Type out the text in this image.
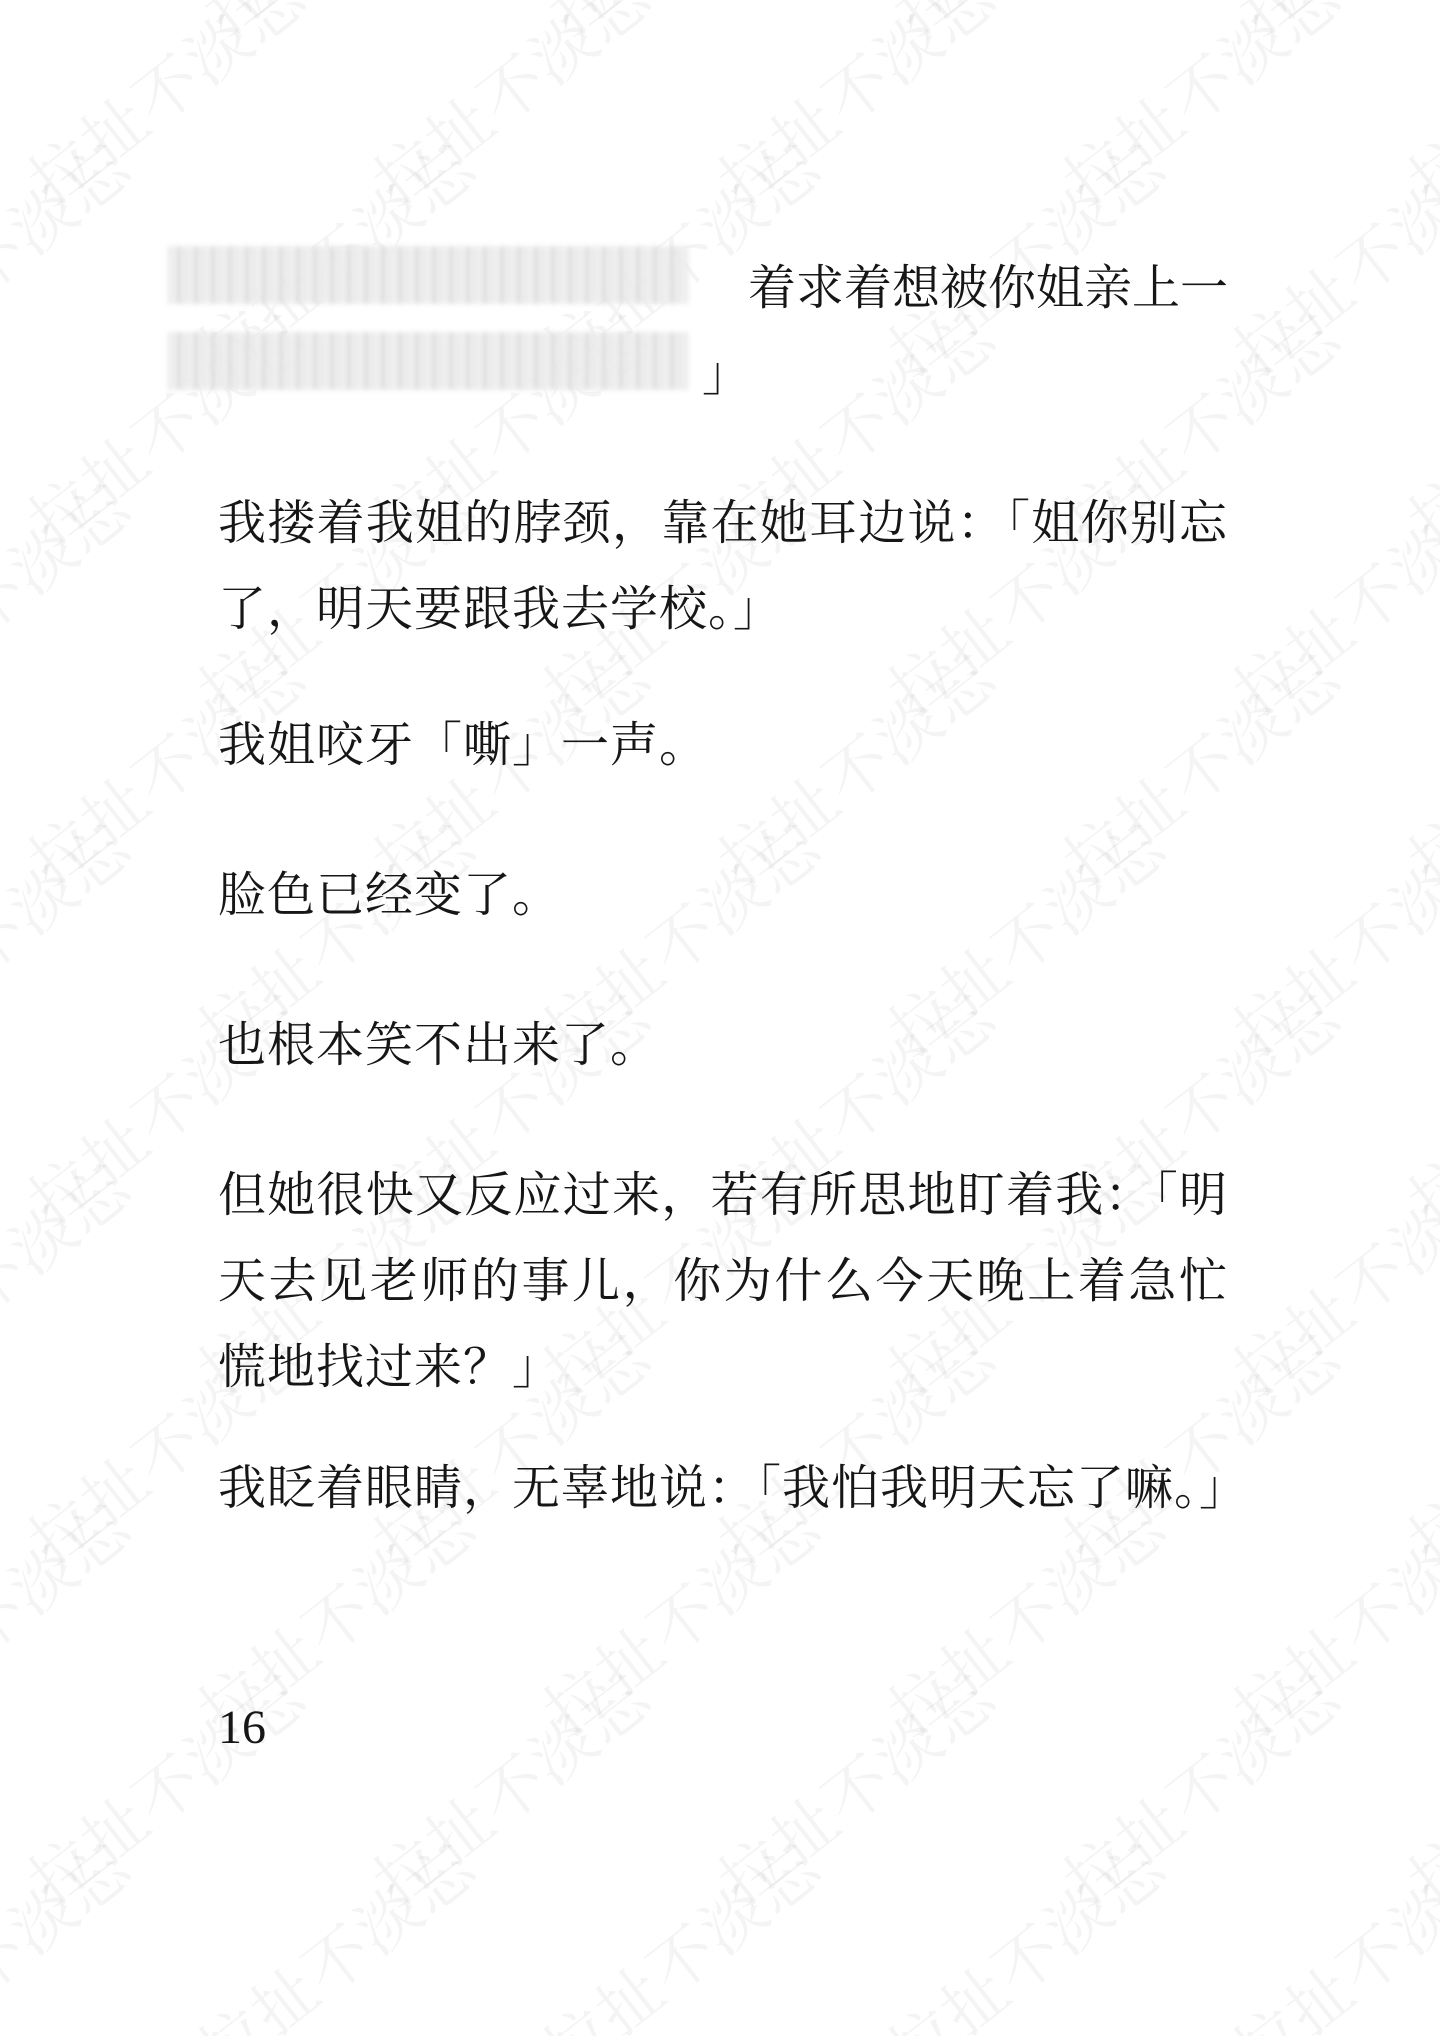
着求着想被你姐亲上一
」
我搂着我姐的脖颈，靠在她耳边说：「姐你别忘了，明天要跟我去学校。」
我姐咬牙「嘶」一声。
脸色已经变了。
也根本笑不出来了。
但她很快又反应过来，若有所思地盯着我：「明天去见老师的事儿，你为什么今天晚上着急忙慌地找过来？」
我眨着眼睛，无辜地说：「我怕我明天忘了嘛。」
16
